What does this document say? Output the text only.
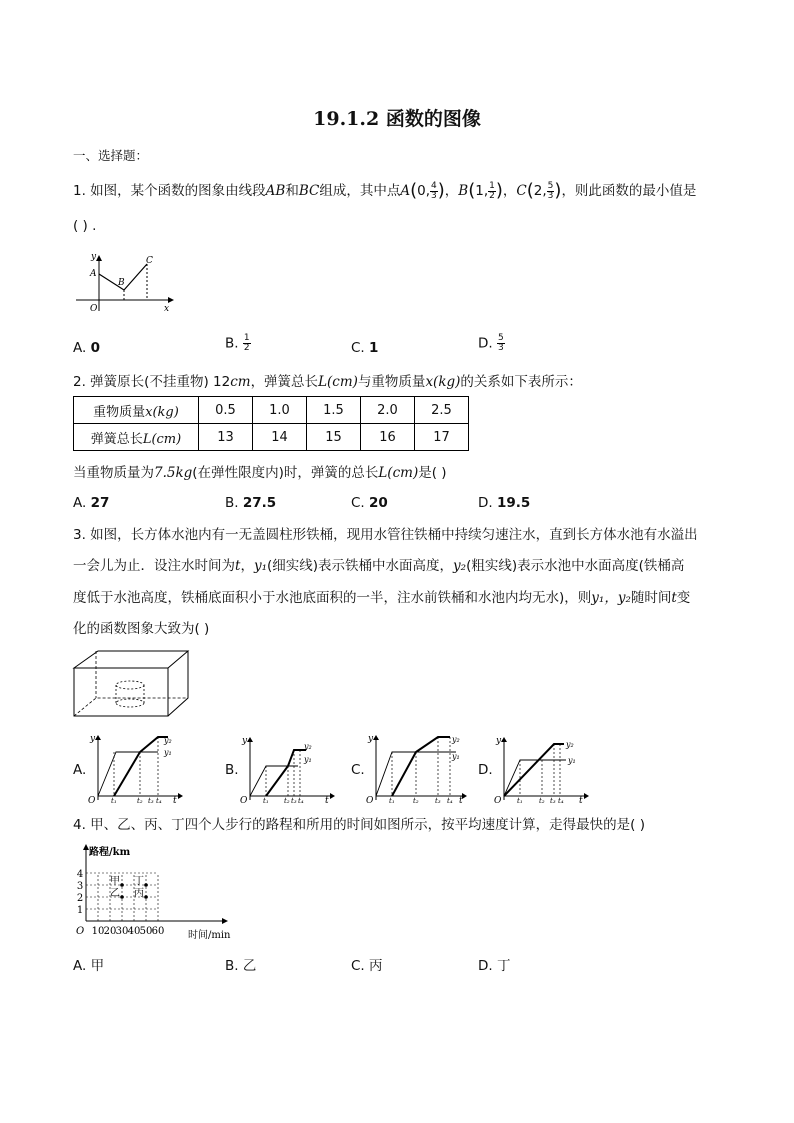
19.1.2 函数的图像
一、选择题：
1. 如图，某个函数的图象由线段AB和BC组成，其中点A(0, $\frac{4}{3}$ )，B(1, $\frac{1}{2}$ )，C(2, $\frac{5}{3}$ )，则此函数的最小值是
( ) .
y
A
B
C
O	x
A. 0	B. $\frac{1}{2}$	C. 1	D. $\frac{5}{3}$
2. 弹簧原长(不挂重物) 12cm，弹簧总长L(cm)与重物质量x(kg)的关系如下表所示：
重物质量x(kg)	0.5	1.0	1.5	2.0	2.5
弹簧总长L(cm)	13	14	15	16	17
当重物质量为7.5kg(在弹性限度内)时，弹簧的总长L(cm)是( )
A. 27	B. 27.5	C. 20	D. 19.5
3. 如图，长方体水池内有一无盖圆柱形铁桶，现用水管往铁桶中持续匀速注水，直到长方体水池有水溢出
一会儿为止．设注水时间为t，y₁(细实线)表示铁桶中水面高度，y₂(粗实线)表示水池中水面高度(铁桶高
度低于水池高度，铁桶底面积小于水池底面积的一半，注水前铁桶和水池内均无水)，则y₁，y₂随时间t变
化的函数图象大致为( )
A.	B.	C.	D.
y
O	t
y₂
y₁
t₁	t₂ t₃ t₄
y
O	t
y₂
y₁
t₁ t₂ t₃ t₄
y
O	t
y₂
y₁
t₁	t₂ t₃ t₄
y
O	t
y₂
y₁
t₁ t₂ t₃ t₄
4. 甲、乙、丙、丁四个人步行的路程和所用的时间如图所示，按平均速度计算，走得最快的是( )
路程/km
时间/min
O 10 20 30 40 50 60
1
2
3
4
甲
乙 丙
丁
A. 甲	B. 乙	C. 丙	D. 丁
